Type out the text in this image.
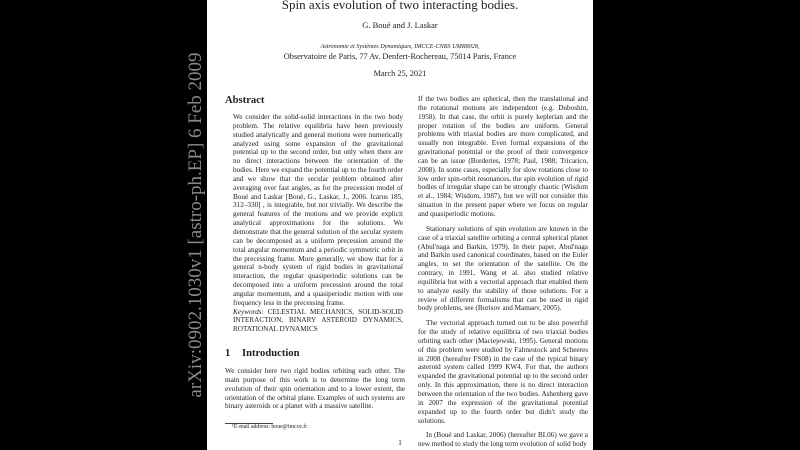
arXiv:0902.1030v1 [astro-ph.EP] 6 Feb 2009
Spin axis evolution of two interacting bodies.
G. Boué and J. Laskar
Astronomie et Systèmes Dynamiques, IMCCE-CNRS UMR8028,
Observatoire de Paris, 77 Av. Denfert-Rochereau, 75014 Paris, France
March 25, 2021
Abstract

We consider the solid-solid interactions in the two body problem. The relative equilibria have been previously studied analytically and general motions were numerically analyzed using some expansion of the gravitational potential up to the second order, but only when there are no direct interactions between the orientation of the bodies. Here we expand the potential up to the fourth order and we show that the secular problem obtained after averaging over fast angles, as for the precession model of Boué and Laskar [Boué, G., Laskar, J., 2006. Icarus 185, 312–330] , is integrable, but not trivially. We describe the general features of the motions and we provide explicit analytical approximations for the solutions. We demonstrate that the general solution of the secular system can be decomposed as a uniform precession around the total angular momentum and a periodic symmetric orbit in the precessing frame. More generally, we show that for a general n-body system of rigid bodies in gravitational interaction, the regular quasiperiodic solutions can be decomposed into a uniform precession around the total angular momentum, and a quasiperiodic motion with one frequency less in the precessing frame.
Keywords: CELESTIAL MECHANICS, SOLID-SOLID INTERACTION, BINARY ASTEROID DYNAMICS, ROTATIONAL DYNAMICS

1 Introduction

We consider here two rigid bodies orbiting each other. The main purpose of this work is to determine the long term evolution of their spin orientation and to a lower extent, the orientation of the orbital plane. Examples of such systems are binary asteroids or a planet with a massive satellite.

¹E-mail address: boue@imcce.fr

If the two bodies are spherical, then the translational and the rotational motions are independent (e.g. Duboshin, 1958). In that case, the orbit is purely keplerian and the proper rotation of the bodies are uniform. General problems with triaxial bodies are more complicated, and usually non integrable. Even formal expansions of the gravitational potential or the proof of their convergence can be an issue (Borderies, 1978; Paul, 1988; Tricarico, 2008). In some cases, especially for slow rotations close to low order spin-orbit resonances, the spin evolution of rigid bodies of irregular shape can be strongly chaotic (Wisdom et al., 1984; Wisdom, 1987), but we will not consider this situation in the present paper where we focus on regular and quasiperiodic motions.

Stationary solutions of spin evolution are known in the case of a triaxial satellite orbiting a central spherical planet (Abul'naga and Barkin, 1979). In their paper, Abul'naga and Barkin used canonical coordinates, based on the Euler angles, to set the orientation of the satellite. On the contrary, in 1991, Wang et al. also studied relative equilibria but with a vectorial approach that enabled them to analyze easily the stability of those solutions. For a review of different formalisms that can be used in rigid body problems, see (Borisov and Mamaev, 2005).

The vectorial approach turned out to be also powerful for the study of relative equilibria of two triaxial bodies orbiting each other (Maciejewski, 1995). General motions of this problem were studied by Fahnestock and Scheeres in 2008 (hereafter FS08) in the case of the typical binary asteroid system called 1999 KW4. For that, the authors expanded the gravitational potential up to the second order only. In this approximation, there is no direct interaction between the orientation of the two bodies. Ashenberg gave in 2007 the expression of the gravitational potential expanded up to the fourth order but didn't study the solutions.

In (Boué and Laskar, 2006) (hereafter BL06) we gave a new method to study the long term evolution of solid body

1
